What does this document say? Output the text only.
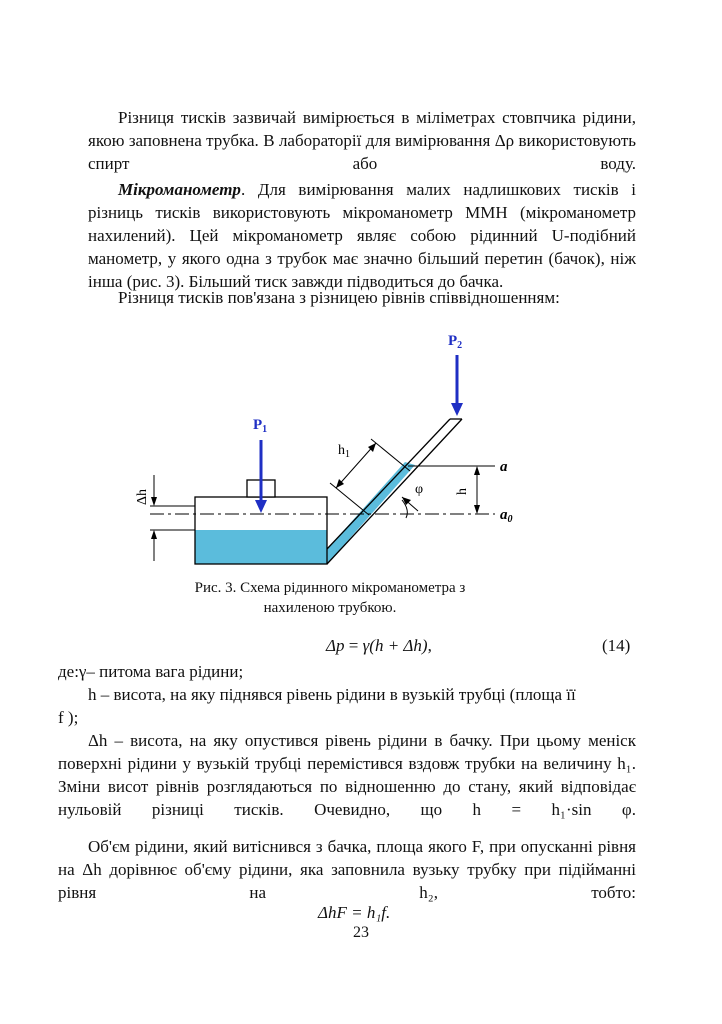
Різниця тисків зазвичай вимірюється в міліметрах стовпчика рідини, якою заповнена трубка. В лабораторії для вимірювання Δρ використовують спирт або воду.

Мікроманометр. Для вимірювання малих надлишкових тисків і різниць тисків використовують мікроманометр ММН (мікроманометр нахилений). Цей мікроманометр являє собою рідинний U-подібний манометр, у якого одна з трубок має значно більший перетин (бачок), ніж інша (рис. 3). Більший тиск завжди підводиться до бачка.

Різниця тисків пов'язана з різницею рівнів співвідношенням:

$P_1$
$P_2$
$h_1$
φ h
Δh
a
$a_0$
Рис. 3. Схема рідинного мікроманометра з
нахиленою трубкою.
Δp = γ(h + Δh),	(14)
де:γ– питома вага рідини;
h – висота, на яку піднявся рівень рідини в вузькій трубці (площа її
f );

Δh – висота, на яку опустився рівень рідини в бачку. При цьому меніск поверхні рідини у вузькій трубці перемістився вздовж трубки на величину h₁. Зміни висот рівнів розглядаються по відношенню до стану, який відповідає нульовій різниці тисків. Очевидно, що h = h₁·sin φ.

Об'єм рідини, який витіснився з бачка, площа якого F, при опусканні рівня на Δh дорівнює об'єму рідини, яка заповнила вузьку трубку при підійманні рівня на h₂, тобто:

ΔhF = h₁f.
23
